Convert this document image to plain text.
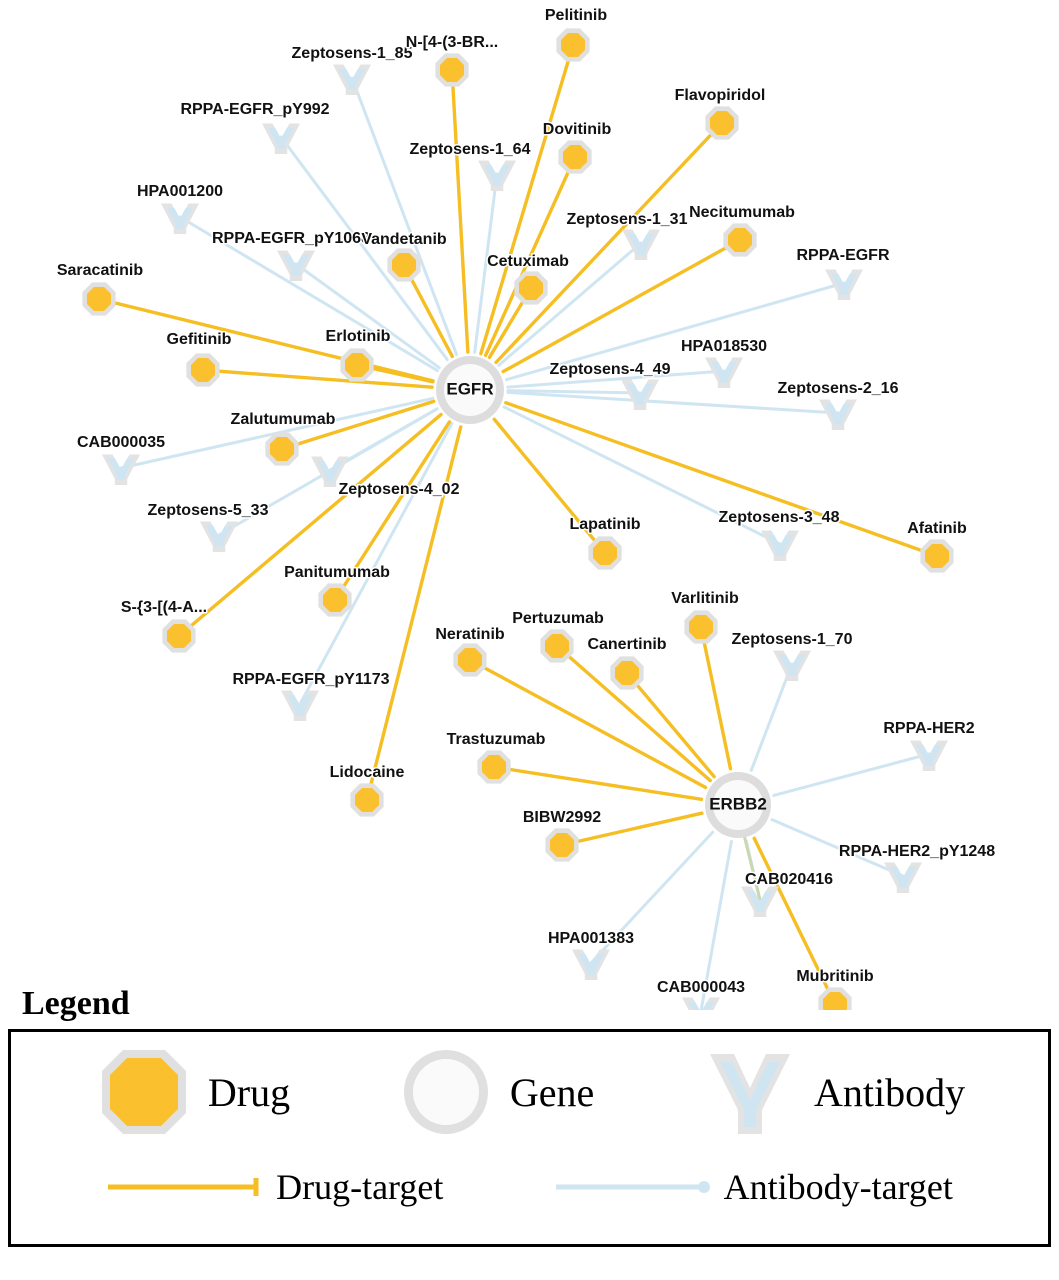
Zeptosens-1_85
RPPA-EGFR_pY992
Zeptosens-1_64
HPA001200
Zeptosens-1_31
RPPA-EGFR_pY1068
RPPA-EGFR
HPA018530
Zeptosens-4_49
Zeptosens-2_16
CAB000035
Zeptosens-4_02
Zeptosens-5_33	Zeptosens-3_48
Zeptosens-1_70
RPPA-EGFR_pY1173
RPPA-HER2
RPPA-HER2_pY1248
CAB020416
HPA001383
CAB000043
Pelitinib
N-[4-(3-BR...
Flavopiridol
Dovitinib
Necitumumab
Vandetanib
Cetuximab
Saracatinib
Erlotinib
Gefitinib
Zalutumumab
Afatinib
Lapatinib
Varlitinib
Panitumumab
S-{3-[(4-A...
Pertuzumab
Canertinib
Neratinib
Trastuzumab
Lidocaine
BIBW2992
Mubritinib
EGFR
ERBB2
Legend
Drug	Gene	Antibody
Drug-target	Antibody-target
